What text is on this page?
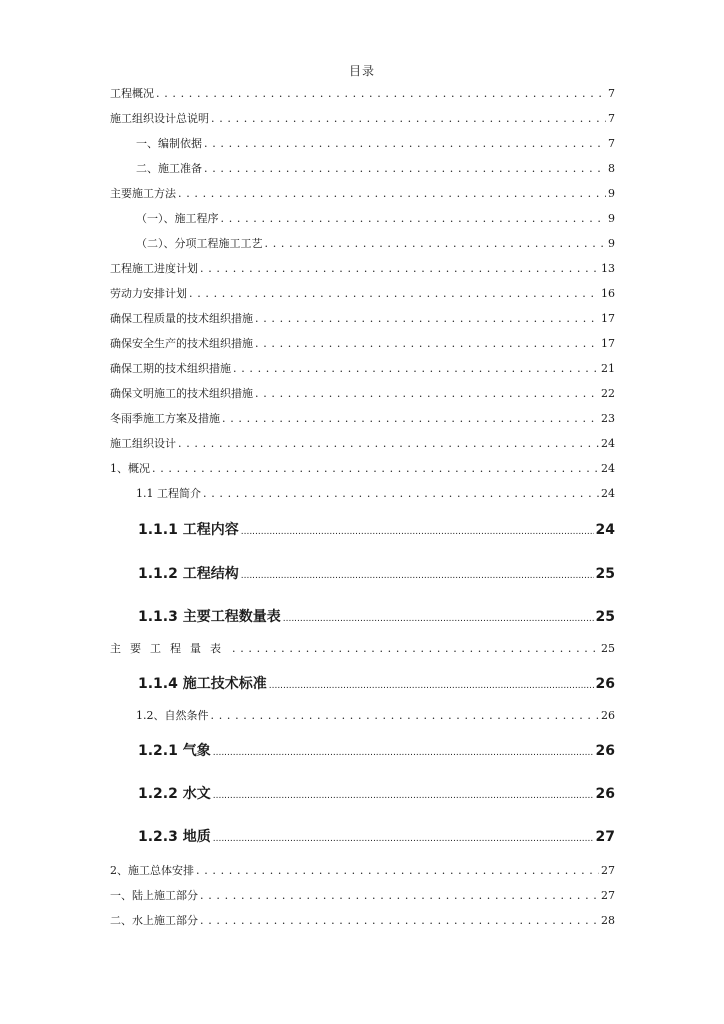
目录
工程概况 . . .	7
施工组织设计总说明 . . .	7
一、编制依据 . . .	7
二、施工准备 . . .	8
主要施工方法 . . .	9
（一）、施工程序 . . .	9
（二）、分项工程施工工艺 . . .	9
工程施工进度计划 . . .	13
劳动力安排计划 . . .	16
确保工程质量的技术组织措施 . . .	17
确保安全生产的技术组织措施 . . .	17
确保工期的技术组织措施 . . .	21
确保文明施工的技术组织措施 . . .	22
冬雨季施工方案及措施 . . .	23
施工组织设计 . . .	24
1、概况 . . .	24
1.1 工程简介 . . .	24
1.1.1 工程内容 .....	24
1.1.2 工程结构 .....	25
1.1.3 主要工程数量表 .....	25
主要工程量表 . . .	25
1.1.4 施工技术标准 .....	26
1.2、自然条件 . . .	26
1.2.1 气象 .....	26
1.2.2 水文 .....	26
1.2.3 地质 .....	27
2、施工总体安排 . . .	27
一、陆上施工部分 . . .	27
二、水上施工部分 . . .	28
